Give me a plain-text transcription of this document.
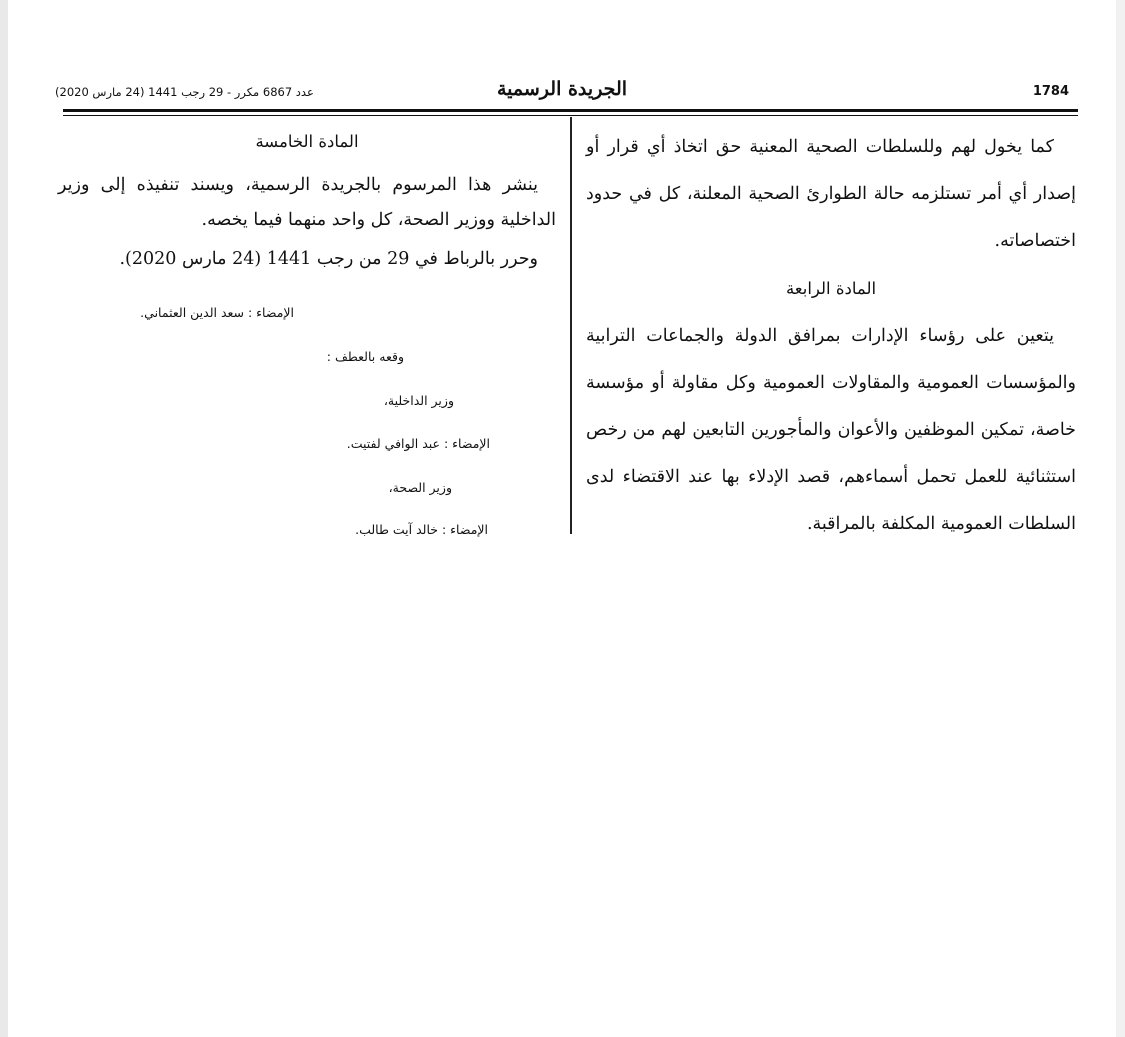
1784
الجريدة الرسمية
عدد 6867 مكرر - 29 رجب 1441 (24 مارس 2020)

كما يخول لهم وللسلطات الصحية المعنية حق اتخاذ أي قرار أو إصدار أي أمر تستلزمه حالة الطوارئ الصحية المعلنة، كل في حدود اختصاصاته.

المادة الرابعة

يتعين على رؤساء الإدارات بمرافق الدولة والجماعات الترابية والمؤسسات العمومية والمقاولات العمومية وكل مقاولة أو مؤسسة خاصة، تمكين الموظفين والأعوان والمأجورين التابعين لهم من رخص استثنائية للعمل تحمل أسماءهم، قصد الإدلاء بها عند الاقتضاء لدى السلطات العمومية المكلفة بالمراقبة.

المادة الخامسة

ينشر هذا المرسوم بالجريدة الرسمية، ويسند تنفيذه إلى وزير الداخلية ووزير الصحة، كل واحد منهما فيما يخصه.

وحرر بالرباط في 29 من رجب 1441 (24 مارس 2020).

الإمضاء : سعد الدين العثماني.
وقعه بالعطف :
وزير الداخلية،
الإمضاء : عبد الوافي لفتيت.
وزير الصحة،
الإمضاء : خالد آيت طالب.
